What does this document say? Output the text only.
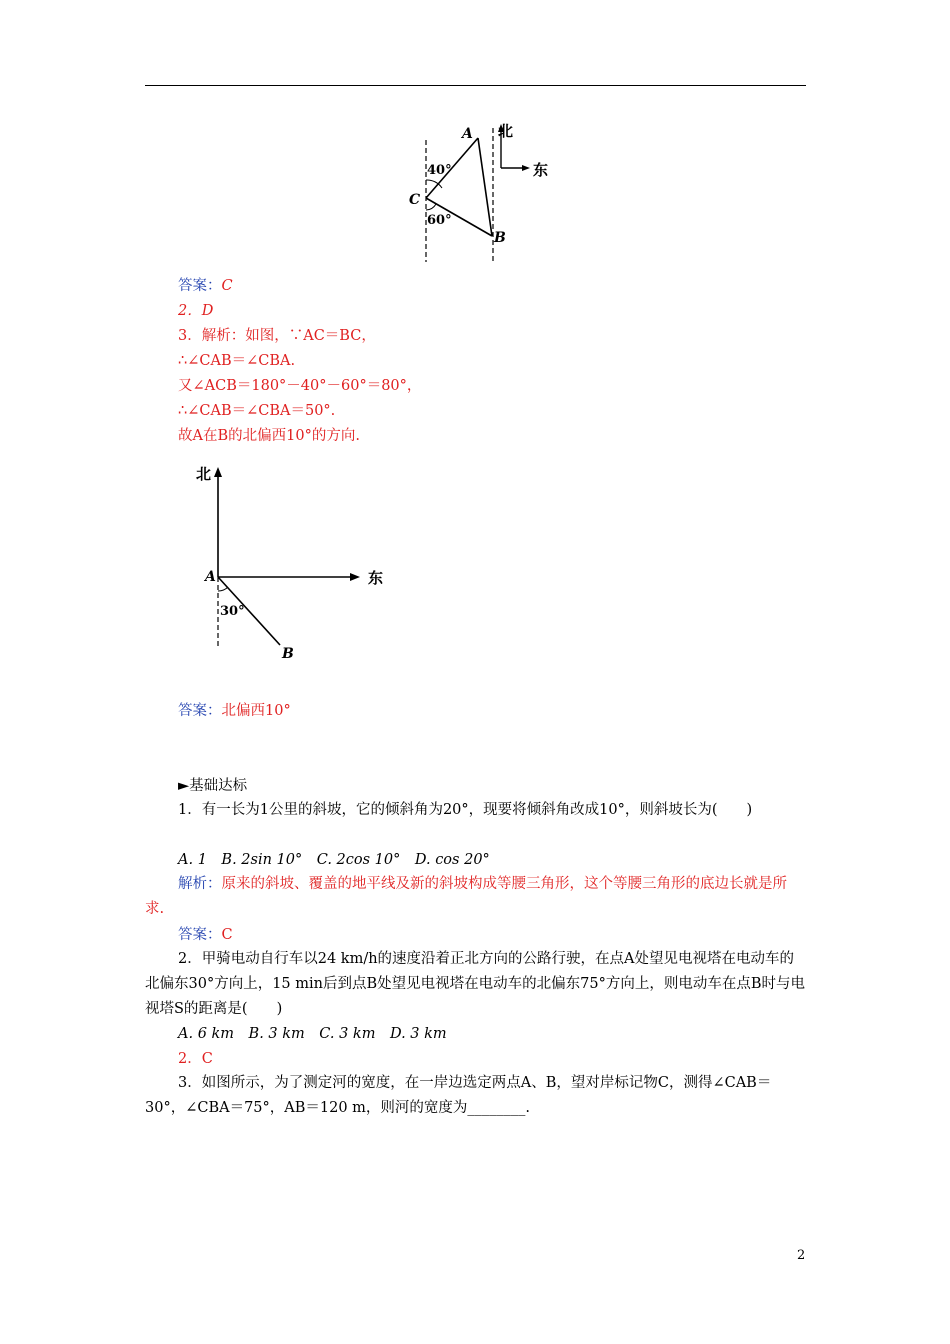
A
B
C
北
东
40°
60°
答案：C
2．D
3．解析：如图，∵AC＝BC，
∴∠CAB＝∠CBA.
又∠ACB＝180°－40°－60°＝80°，
∴∠CAB＝∠CBA＝50°.
故A在B的北偏西10°的方向.
北
东
A
B
30°
答案：北偏西10°
►基础达标
1．有一长为1公里的斜坡，它的倾斜角为20°，现要将倾斜角改成10°，则斜坡长为(　　)
A. 1　B. 2sin 10°　C. 2cos 10°　D. cos 20°
解析：原来的斜坡、覆盖的地平线及新的斜坡构成等腰三角形，这个等腰三角形的底边长就是所求.
答案：C
2．甲骑电动自行车以24 km/h的速度沿着正北方向的公路行驶，在点A处望见电视塔在电动车的北偏东30°方向上，15 min后到点B处望见电视塔在电动车的北偏东75°方向上，则电动车在点B时与电视塔S的距离是(　　)
A. 6 km　B. 3 km　C. 3 km　D. 3 km
2．C
3．如图所示，为了测定河的宽度，在一岸边选定两点A、B，望对岸标记物C，测得∠CAB＝30°，∠CBA＝75°，AB＝120 m，则河的宽度为________.
2
